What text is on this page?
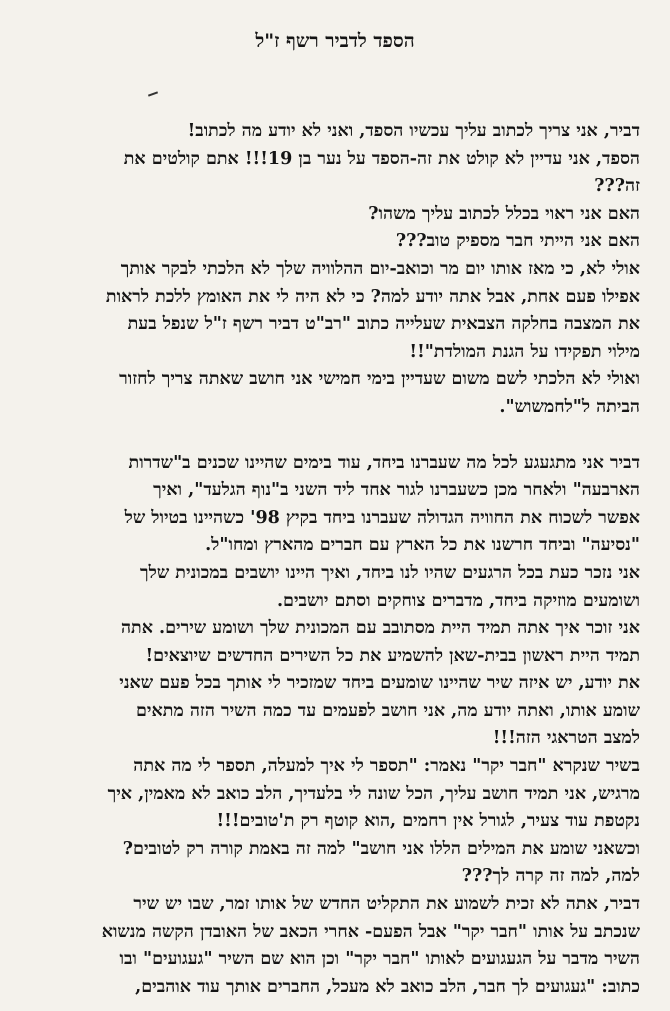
הספד לדביר רשף ז"ל
דביר, אני צריך לכתוב עליך עכשיו הספד, ואני לא יודע מה לכתוב!
הספד, אני עדיין לא קולט את זה-הספד על נער בן 19!!! אתם קולטים את
זה???
האם אני ראוי בכלל לכתוב עליך משהו?
האם אני הייתי חבר מספיק טוב???
אולי לא, כי מאז אותו יום מר וכואב-יום ההלוויה שלך לא הלכתי לבקר אותך
אפילו פעם אחת, אבל אתה יודע למה? כי לא היה לי את האומץ ללכת לראות
את המצבה בחלקה הצבאית שעלייה כתוב "רב"ט דביר רשף ז"ל שנפל בעת
מילוי תפקידו על הגנת המולדת"!!
ואולי לא הלכתי לשם משום שעדיין בימי חמישי אני חושב שאתה צריך לחזור
הביתה ל"לחמשוש".
דביר אני מתגעגע לכל מה שעברנו ביחד, עוד בימים שהיינו שכנים ב"שדרות
הארבעה" ולאחר מכן כשעברנו לגור אחד ליד השני ב"נוף הגלעד", ואיך
אפשר לשכוח את החוויה הגדולה שעברנו ביחד בקיץ 98' כשהיינו בטיול של
"נסיעה" וביחד חרשנו את כל הארץ עם חברים מהארץ ומחו"ל.
אני נזכר כעת בכל הרגעים שהיו לנו ביחד, ואיך היינו יושבים במכונית שלך
ושומעים מוזיקה ביחד, מדברים צוחקים וסתם יושבים.
אני זוכר איך אתה תמיד היית מסתובב עם המכונית שלך ושומע שירים. אתה
תמיד היית ראשון בבית-שאן להשמיע את כל השירים החדשים שיוצאים!
את יודע, יש איזה שיר שהיינו שומעים ביחד שמזכיר לי אותך בכל פעם שאני
שומע אותו, ואתה יודע מה, אני חושב לפעמים עד כמה השיר הזה מתאים
למצב הטראגי הזה!!!
בשיר שנקרא "חבר יקר" נאמר: "תספר לי איך למעלה, תספר לי מה אתה
מרגיש, אני תמיד חושב עליך, הכל שונה לי בלעדיך, הלב כואב לא מאמין, איך
נקטפת עוד צעיר, לגורל אין רחמים ,הוא קוטף רק ת'טובים!!!
וכשאני שומע את המילים הללו אני חושב" למה זה באמת קורה רק לטובים?
למה, למה זה קרה לך???
דביר, אתה לא זכית לשמוע את התקליט החדש של אותו זמר, שבו יש שיר
שנכתב על אותו "חבר יקר" אבל הפעם- אחרי הכאב של האובדן הקשה מנשוא
השיר מדבר על הגעגועים לאותו "חבר יקר" וכן הוא שם השיר "געגועים" ובו
כתוב: "געגועים לך חבר, הלב כואב לא מעכל, החברים אותך עוד אוהבים,
